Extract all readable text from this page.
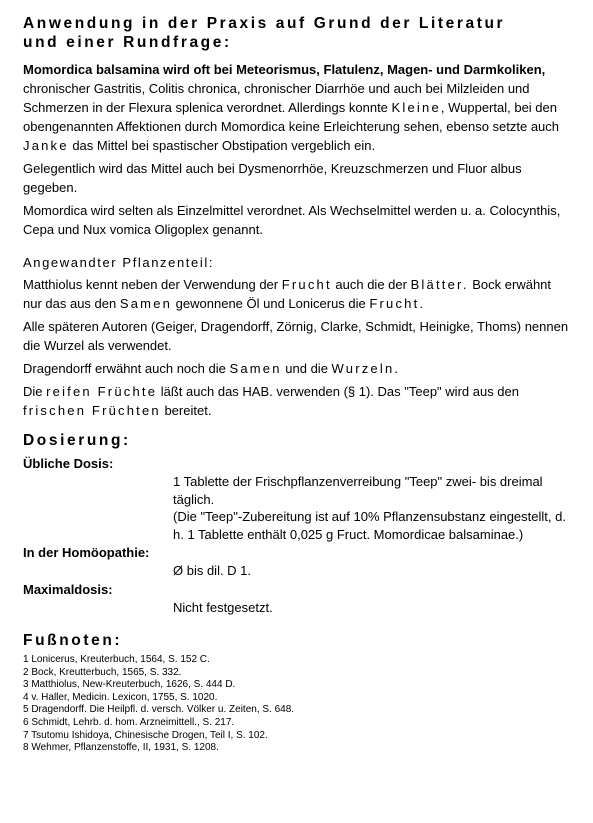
Anwendung in der Praxis auf Grund der Literatur
und einer Rundfrage:

Momordica balsamina wird oft bei Meteorismus, Flatulenz, Magen- und Darmkoliken, chronischer Gastritis, Colitis chronica, chronischer Diarrhöe und auch bei Milzleiden und Schmerzen in der Flexura splenica verordnet. Allerdings konnte Kleine, Wuppertal, bei den obengenannten Affektionen durch Momordica keine Erleichterung sehen, ebenso setzte auch Janke das Mittel bei spastischer Obstipation vergeblich ein.

Gelegentlich wird das Mittel auch bei Dysmenorrhöe, Kreuzschmerzen und Fluor albus gegeben.

Momordica wird selten als Einzelmittel verordnet. Als Wechselmittel werden u. a. Colocynthis, Cepa und Nux vomica Oligoplex genannt.

Angewandter Pflanzenteil:

Matthiolus kennt neben der Verwendung der Frucht auch die der Blätter. Bock erwähnt nur das aus den Samen gewonnene Öl und Lonicerus die Frucht.

Alle späteren Autoren (Geiger, Dragendorff, Zörnig, Clarke, Schmidt, Heinigke, Thoms) nennen die Wurzel als verwendet.

Dragendorff erwähnt auch noch die Samen und die Wurzeln.

Die reifen Früchte läßt auch das HAB. verwenden (§ 1). Das "Teep" wird aus den frischen Früchten bereitet.

Dosierung:

Übliche Dosis:

1 Tablette der Frischpflanzenverreibung "Teep" zwei- bis dreimal täglich.

(Die "Teep"-Zubereitung ist auf 10% Pflanzensubstanz eingestellt, d. h. 1 Tablette enthält 0,025 g Fruct. Momordicae balsaminae.)

In der Homöopathie:

Ø bis dil. D 1.

Maximaldosis:

Nicht festgesetzt.

Fußnoten:

1 Lonicerus, Kreuterbuch, 1564, S. 152 C.

2 Bock, Kreutterbuch, 1565, S. 332.

3 Matthiolus, New-Kreuterbuch, 1626, S. 444 D.

4 v. Haller, Medicin. Lexicon, 1755, S. 1020.

5 Dragendorff. Die Heilpfl. d. versch. Völker u. Zeiten, S. 648.

6 Schmidt, Lehrb. d. hom. Arzneimittell., S. 217.

7 Tsutomu Ishidoya, Chinesische Drogen, Teil I, S. 102.

8 Wehmer, Pflanzenstoffe, II, 1931, S. 1208.
